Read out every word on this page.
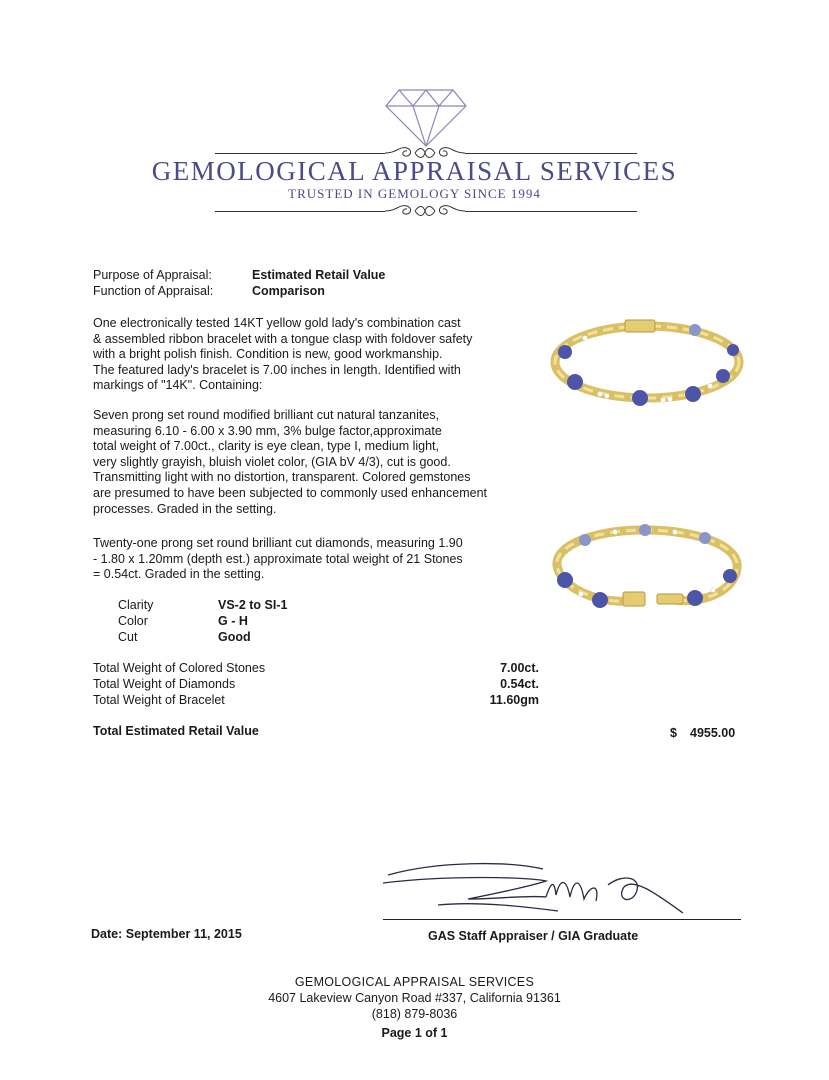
GEMOLOGICAL APPRAISAL SERVICES
TRUSTED IN GEMOLOGY SINCE 1994
Purpose of Appraisal:	Estimated Retail Value
Function of Appraisal:	Comparison
One electronically tested 14KT yellow gold lady's combination cast
& assembled ribbon bracelet with a tongue clasp with foldover safety
with a bright polish finish. Condition is new, good workmanship.
The featured lady's bracelet is 7.00 inches in length. Identified with
markings of "14K". Containing:
Seven prong set round modified brilliant cut natural tanzanites,
measuring 6.10 - 6.00 x 3.90 mm, 3% bulge factor,approximate
total weight of 7.00ct., clarity is eye clean, type I, medium light,
very slightly grayish, bluish violet color, (GIA bV 4/3), cut is good.
Transmitting light with no distortion, transparent. Colored gemstones
are presumed to have been subjected to commonly used enhancement
processes. Graded in the setting.
Twenty-one prong set round brilliant cut diamonds, measuring 1.90
- 1.80 x 1.20mm (depth est.) approximate total weight of 21 Stones
= 0.54ct. Graded in the setting.
Clarity	VS-2 to SI-1
Color	G - H
Cut	Good
Total Weight of Colored Stones	7.00ct.
Total Weight of Diamonds	0.54ct.
Total Weight of Bracelet	11.60gm
Total Estimated Retail Value	$ 4955.00
Date: September 11, 2015	GAS Staff Appraiser / GIA Graduate
GEMOLOGICAL APPRAISAL SERVICES
4607 Lakeview Canyon Road #337, California 91361
(818) 879-8036
Page 1 of 1
